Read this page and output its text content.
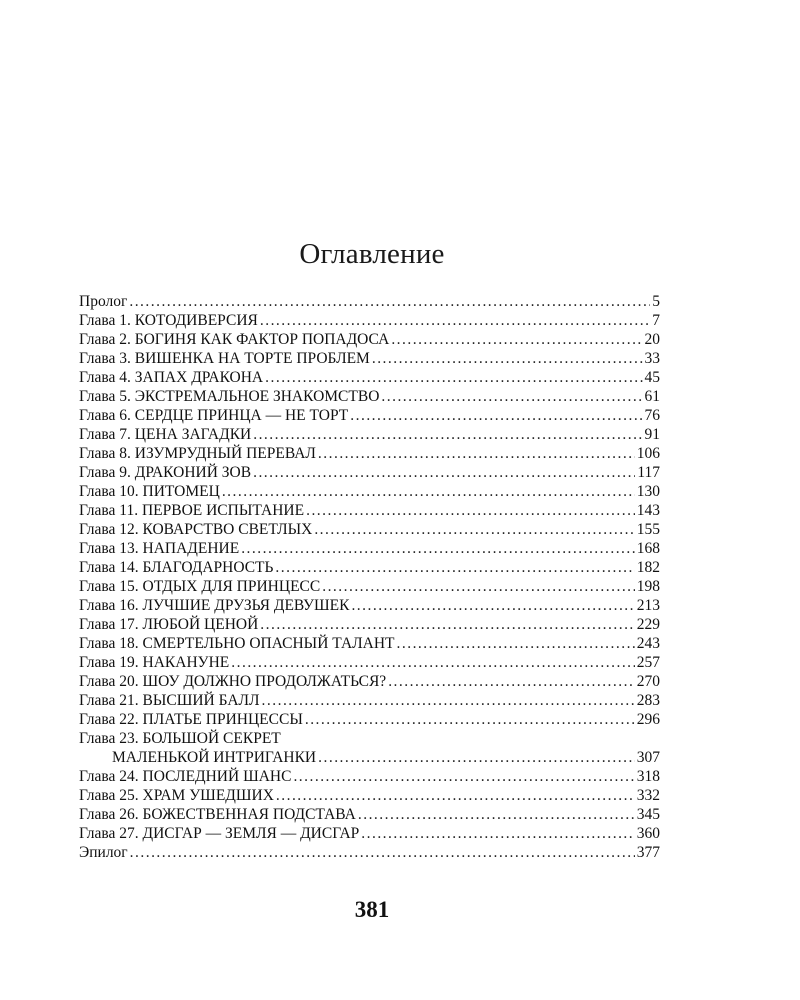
Оглавление
Пролог . . .	5
Глава 1. КОТОДИВЕРСИЯ . . .	7
Глава 2. БОГИНЯ КАК ФАКТОР ПОПАДОСА . . .	20
Глава 3. ВИШЕНКА НА ТОРТЕ ПРОБЛЕМ . . .	33
Глава 4. ЗАПАХ ДРАКОНА . . .	45
Глава 5. ЭКСТРЕМАЛЬНОЕ ЗНАКОМСТВО . . .	61
Глава 6. СЕРДЦЕ ПРИНЦА — НЕ ТОРТ . . .	76
Глава 7. ЦЕНА ЗАГАДКИ . . .	91
Глава 8. ИЗУМРУДНЫЙ ПЕРЕВАЛ . . .	106
Глава 9. ДРАКОНИЙ ЗОВ . . .	117
Глава 10. ПИТОМЕЦ . . .	130
Глава 11. ПЕРВОЕ ИСПЫТАНИЕ . . .	143
Глава 12. КОВАРСТВО СВЕТЛЫХ . . .	155
Глава 13. НАПАДЕНИЕ . . .	168
Глава 14. БЛАГОДАРНОСТЬ . . .	182
Глава 15. ОТДЫХ ДЛЯ ПРИНЦЕСС . . .	198
Глава 16. ЛУЧШИЕ ДРУЗЬЯ ДЕВУШЕК . . .	213
Глава 17. ЛЮБОЙ ЦЕНОЙ . . .	229
Глава 18. СМЕРТЕЛЬНО ОПАСНЫЙ ТАЛАНТ . . .	243
Глава 19. НАКАНУНЕ . . .	257
Глава 20. ШОУ ДОЛЖНО ПРОДОЛЖАТЬСЯ? . . .	270
Глава 21. ВЫСШИЙ БАЛЛ . . .	283
Глава 22. ПЛАТЬЕ ПРИНЦЕССЫ . . .	296
Глава 23. БОЛЬШОЙ СЕКРЕТ
МАЛЕНЬКОЙ ИНТРИГАНКИ . . .	307
Глава 24. ПОСЛЕДНИЙ ШАНС . . .	318
Глава 25. ХРАМ УШЕДШИХ . . .	332
Глава 26. БОЖЕСТВЕННАЯ ПОДСТАВА . . .	345
Глава 27. ДИСГАР — ЗЕМЛЯ — ДИСГАР . . .	360
Эпилог . . .	377
381
